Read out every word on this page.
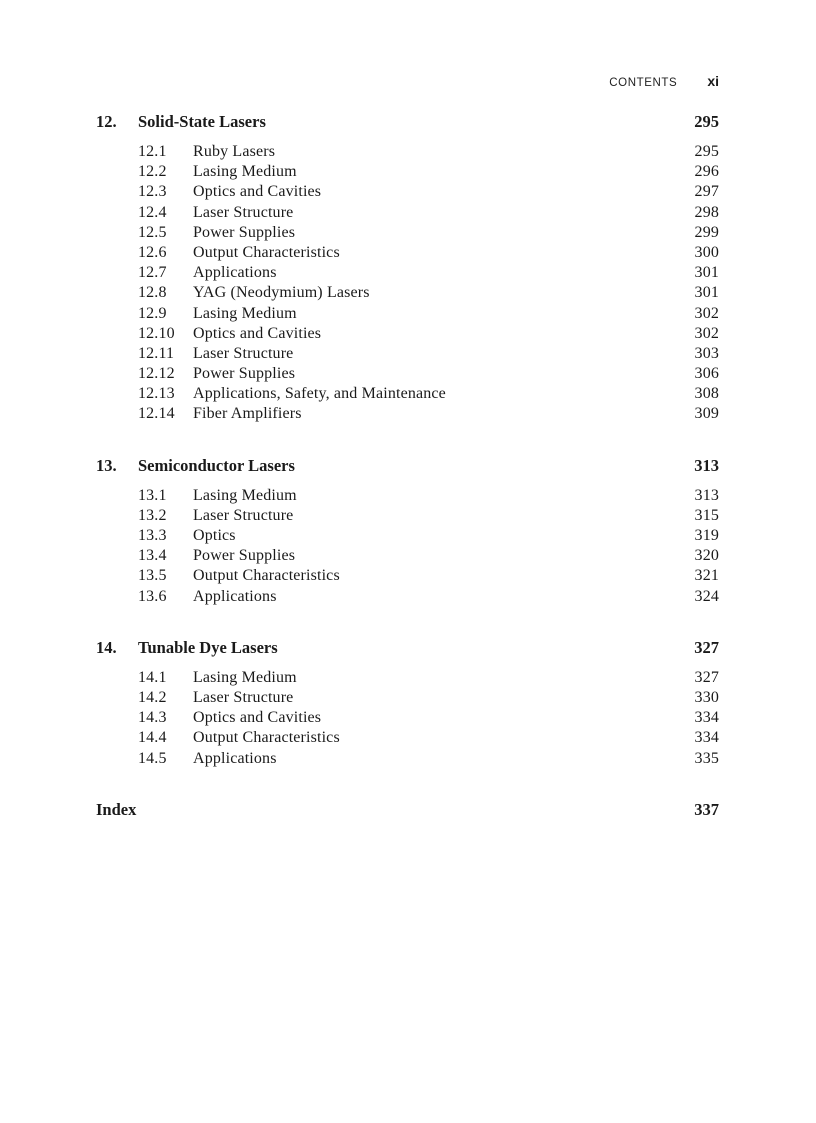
CONTENTS xi
12.	Solid-State Lasers	295
12.1	Ruby Lasers	295
12.2	Lasing Medium	296
12.3	Optics and Cavities	297
12.4	Laser Structure	298
12.5	Power Supplies	299
12.6	Output Characteristics	300
12.7	Applications	301
12.8	YAG (Neodymium) Lasers	301
12.9	Lasing Medium	302
12.10	Optics and Cavities	302
12.11	Laser Structure	303
12.12	Power Supplies	306
12.13	Applications, Safety, and Maintenance	308
12.14	Fiber Amplifiers	309
13.	Semiconductor Lasers	313
13.1	Lasing Medium	313
13.2	Laser Structure	315
13.3	Optics	319
13.4	Power Supplies	320
13.5	Output Characteristics	321
13.6	Applications	324
14.	Tunable Dye Lasers	327
14.1	Lasing Medium	327
14.2	Laser Structure	330
14.3	Optics and Cavities	334
14.4	Output Characteristics	334
14.5	Applications	335
Index	337
